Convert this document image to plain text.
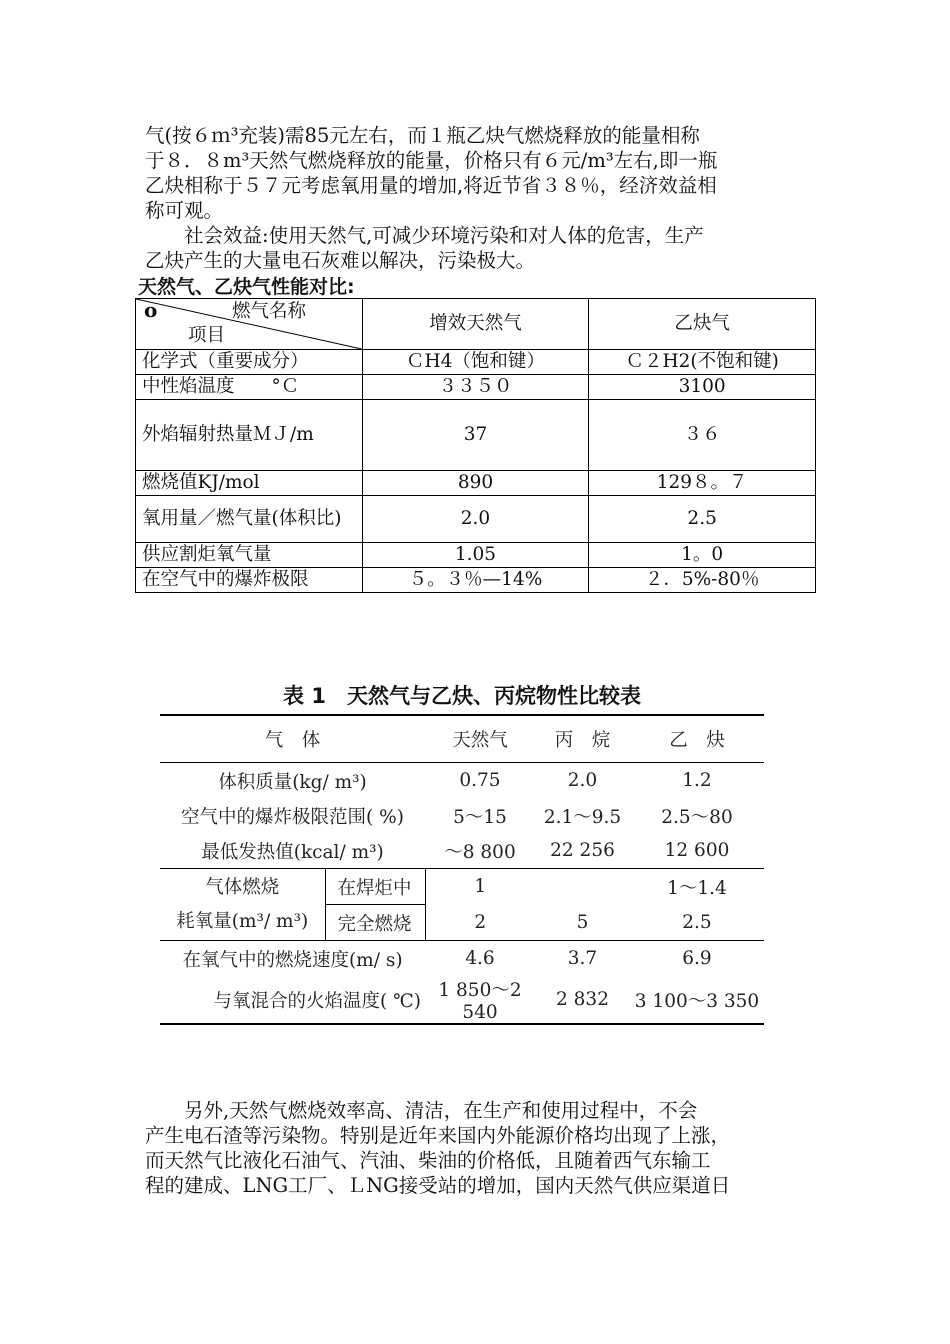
气(按６ｍ³充装)需85元左右，而１瓶乙炔气燃烧释放的能量相称

于８．８m³天然气燃烧释放的能量，价格只有６元/m³左右,即一瓶

乙炔相称于５７元考虑氧用量的增加,将近节省３８％，经济效益相

称可观。

　　社会效益:使用天然气,可减少环境污染和对人体的危害，生产

乙炔产生的大量电石灰难以解决，污染极大。

天然气、乙炔气性能对比:
o 燃气名称
项目	增效天然气	乙炔气
化学式（重要成分）	ＣH4（饱和键）	Ｃ２H2(不饱和键)
中性焰温度　　°Ｃ	３３５０	3100
外焰辐射热量ＭＪ/m	37	３６
燃烧值KJ/mol	890	129８。７
氧用量／燃气量(体积比)	2.0	2.5
供应割炬氧气量	1.05	1。0
在空气中的爆炸极限	５。３％—14%	２．5%-80％
表 1　天然气与乙炔、丙烷物性比较表
气　体		天然气	丙　烷	乙　炔
体积质量(kg/ m³)		0.75	2.0	1.2
空气中的爆炸极限范围( %)		5～15	2.1～9.5	2.5～80
最低发热值(kcal/ m³)		～8 800	22 256	12 600

气体燃烧
耗氧量(m³/ m³)	在焊炬中	1		1～1.4
	完全燃烧	2	5	2.5
在氧气中的燃烧速度(m/ s)		4.6	3.7	6.9
与氧混合的火焰温度( ℃)		1 850～2 540	2 832	3 100～3 350

　　另外,天然气燃烧效率高、清洁，在生产和使用过程中，不会

产生电石渣等污染物。特别是近年来国内外能源价格均出现了上涨，

而天然气比液化石油气、汽油、柴油的价格低，且随着西气东输工

程的建成、LNG工厂、ＬNG接受站的增加，国内天然气供应渠道日
